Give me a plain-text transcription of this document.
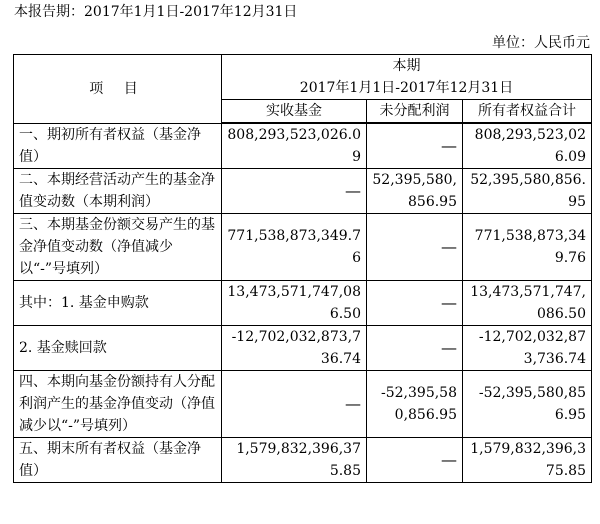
本报告期：2017年1月1日-2017年12月31日
单位：人民币元
项 目	本期
2017年1月1日-2017年12月31日		

	实收基金	未分配利润	所有者权益合计

一、期初所有者权益（基金净值）	808,293,523,026.09	—	808,293,523,026.09
二、本期经营活动产生的基金净值变动数（本期利润）	—	52,395,580,856.95	52,395,580,856.95
三、本期基金份额交易产生的基金净值变动数（净值减少以“-”号填列）	771,538,873,349.76	—	771,538,873,349.76
其中：1. 基金申购款	13,473,571,747,086.50	—	13,473,571,747,086.50
2. 基金赎回款	-12,702,032,873,736.74	—	-12,702,032,873,736.74
四、本期向基金份额持有人分配利润产生的基金净值变动（净值减少以“-”号填列）	—	-52,395,580,856.95	-52,395,580,856.95
五、期末所有者权益（基金净值）	1,579,832,396,375.85	—	1,579,832,396,375.85
